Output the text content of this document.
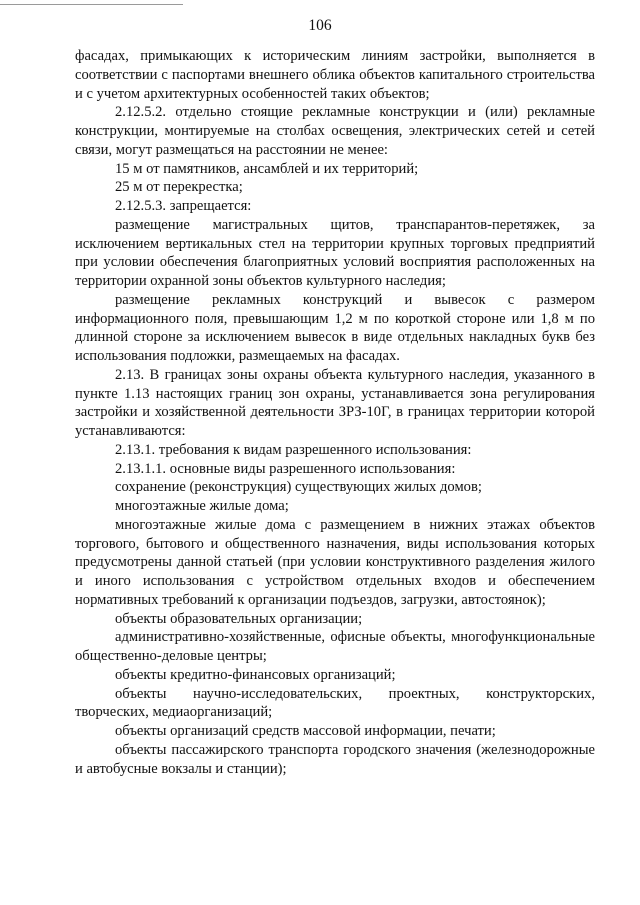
106

фасадах, примыкающих к историческим линиям застройки, выполняется в соответствии с паспортами внешнего облика объектов капитального строительства и с учетом архитектурных особенностей таких объектов;

2.12.5.2. отдельно стоящие рекламные конструкции и (или) рекламные конструкции, монтируемые на столбах освещения, электрических сетей и сетей связи, могут размещаться на расстоянии не менее:

15 м от памятников, ансамблей и их территорий;

25 м от перекрестка;

2.12.5.3. запрещается:

размещение магистральных щитов, транспарантов-перетяжек, за исключением вертикальных стел на территории крупных торговых предприятий при условии обеспечения благоприятных условий восприятия расположенных на территории охранной зоны объектов культурного наследия;

размещение рекламных конструкций и вывесок с размером информационного поля, превышающим 1,2 м по короткой стороне или 1,8 м по длинной стороне за исключением вывесок в виде отдельных накладных букв без использования подложки, размещаемых на фасадах.

2.13. В границах зоны охраны объекта культурного наследия, указанного в пункте 1.13 настоящих границ зон охраны, устанавливается зона регулирования застройки и хозяйственной деятельности ЗРЗ-10Г, в границах территории которой устанавливаются:

2.13.1. требования к видам разрешенного использования:

2.13.1.1. основные виды разрешенного использования:

сохранение (реконструкция) существующих жилых домов;

многоэтажные жилые дома;

многоэтажные жилые дома с размещением в нижних этажах объектов торгового, бытового и общественного назначения, виды использования которых предусмотрены данной статьей (при условии конструктивного разделения жилого и иного использования с устройством отдельных входов и обеспечением нормативных требований к организации подъездов, загрузки, автостоянок);

объекты образовательных организации;

административно-хозяйственные, офисные объекты, многофункциональные общественно-деловые центры;

объекты кредитно-финансовых организаций;

объекты научно-исследовательских, проектных, конструкторских, творческих, медиаорганизаций;

объекты организаций средств массовой информации, печати;

объекты пассажирского транспорта городского значения (железнодорожные и автобусные вокзалы и станции);
